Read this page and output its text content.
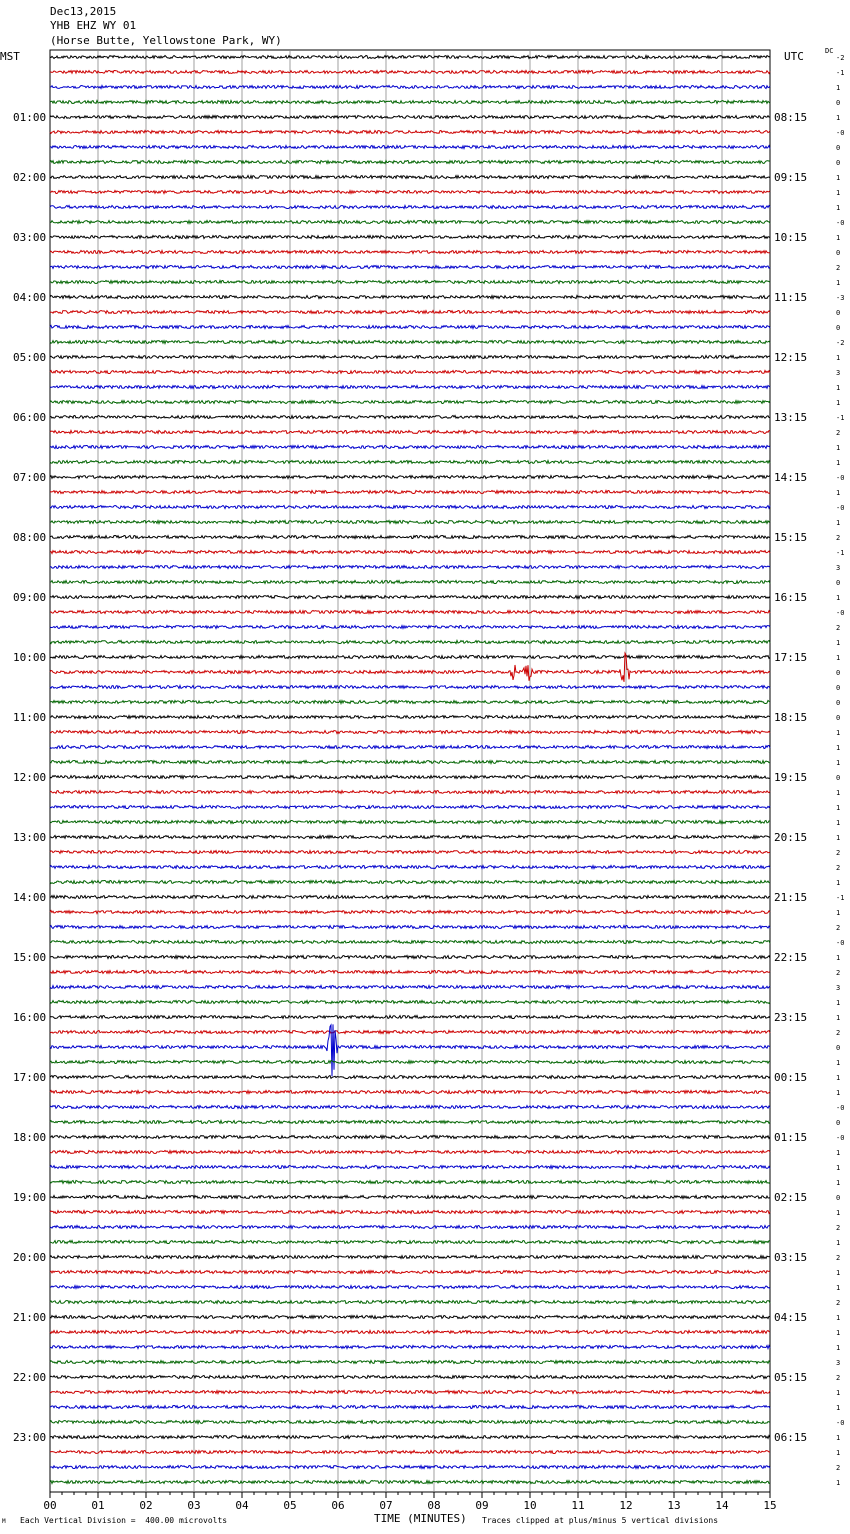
Dec13,2015
YHB EHZ WY 01
(Horse Butte, Yellowstone Park, WY)
MST	UTC	DC
00	01	02	03	04	05	06	07	08	09	10	11	12	13	14	15
-2
-1
1
0
1
-0
0
0
1
1
1
-0
1
0
2
1
-3
0
0
-2
1
3
1
1
-1
2
1
1
-0
1
-0
1
2
-1
3
0
1
-0
2
1
1
0
0
0
0
1
1
1
0
1
1
1
1
2
2
1
-1
1
2
-0
1
2
3
1
1
2
0
1
1
1
-0
0
-0
1
1
1
0
1
2
1
2
1
1
2
1
1
1
3
2
1
1
-0
1
1
2
1
01:00
02:00
03:00
04:00
05:00
06:00
07:00
08:00
09:00
10:00
11:00
12:00
13:00
14:00
15:00
16:00
17:00
18:00
19:00
20:00
21:00
22:00
23:00
08:15
09:15
10:15
11:15
12:15
13:15
14:15
15:15
16:15
17:15
18:15
19:15
20:15
21:15
22:15
23:15
00:15
01:15
02:15
03:15
04:15
05:15
06:15
M Each Vertical Division =  400.00 microvolts	TIME (MINUTES) Traces clipped at plus/minus 5 vertical divisions
